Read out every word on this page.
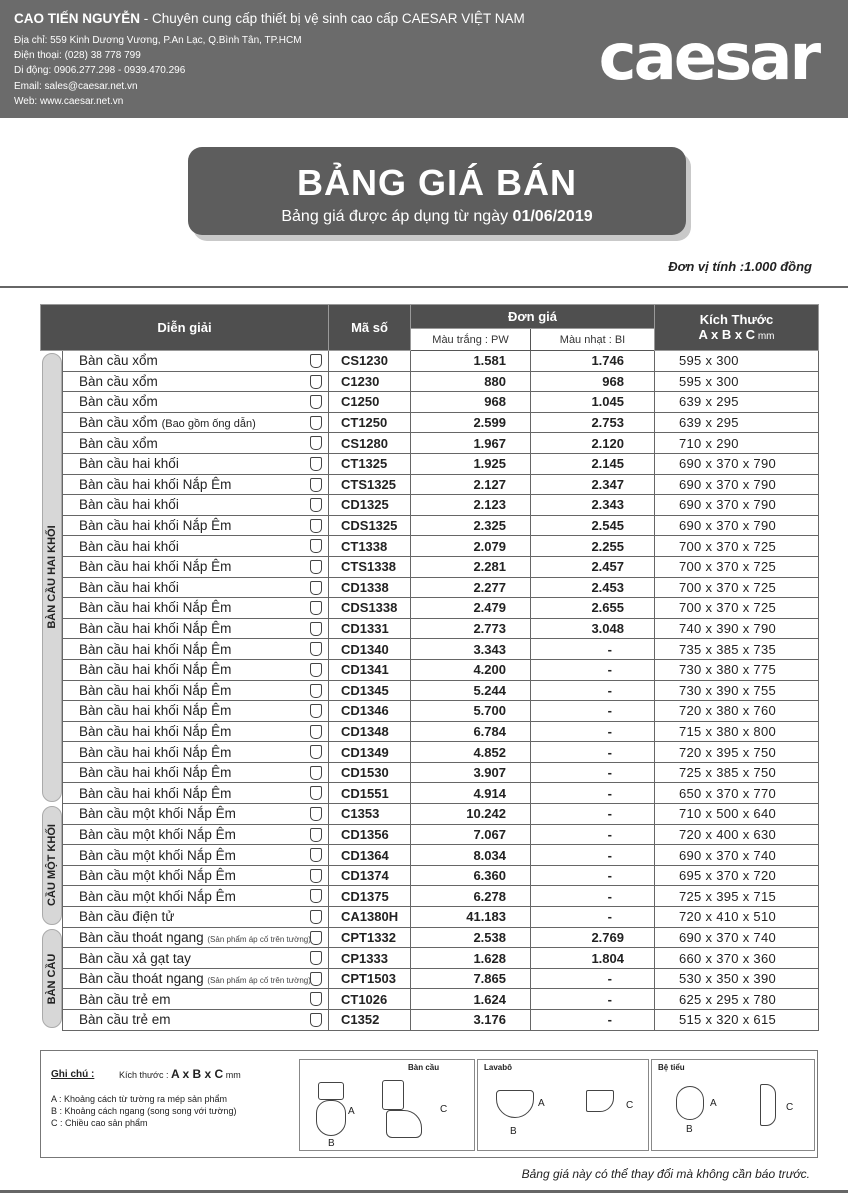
CAO TIẾN NGUYỄN - Chuyên cung cấp thiết bị vệ sinh cao cấp CAESAR VIỆT NAM
Địa chỉ: 559 Kinh Dương Vương, P.An Lạc, Q.Bình Tân, TP.HCM
Điện thoại: (028) 38 778 799
Di động: 0906.277.298 - 0939.470.296
Email: sales@caesar.net.vn
Web: www.caesar.net.vn
caesar
BẢNG GIÁ BÁN
Bảng giá được áp dụng từ ngày 01/06/2019
Đơn vị tính :1.000 đồng
Diễn giải		Mã số	Đơn giá		Kích Thước
A x B x C mm
			Màu trắng : PW	Màu nhạt : BI	

BÀN CẦU HAI KHỐI	Bàn cầu xổm	CS1230	1.581	1.746	595 x 300
	Bàn cầu xổm	C1230	880	968	595 x 300
	Bàn cầu xổm	C1250	968	1.045	639 x 295
	Bàn cầu xổm (Bao gồm ống dẫn)	CT1250	2.599	2.753	639 x 295
	Bàn cầu xổm	CS1280	1.967	2.120	710 x 290
	Bàn cầu hai khối	CT1325	1.925	2.145	690 x 370 x 790
	Bàn cầu hai khối Nắp Êm	CTS1325	2.127	2.347	690 x 370 x 790
	Bàn cầu hai khối	CD1325	2.123	2.343	690 x 370 x 790
	Bàn cầu hai khối Nắp Êm	CDS1325	2.325	2.545	690 x 370 x 790
	Bàn cầu hai khối	CT1338	2.079	2.255	700 x 370 x 725
	Bàn cầu hai khối Nắp Êm	CTS1338	2.281	2.457	700 x 370 x 725
	Bàn cầu hai khối	CD1338	2.277	2.453	700 x 370 x 725
	Bàn cầu hai khối Nắp Êm	CDS1338	2.479	2.655	700 x 370 x 725
	Bàn cầu hai khối Nắp Êm	CD1331	2.773	3.048	740 x 390 x 790
	Bàn cầu hai khối Nắp Êm	CD1340	3.343	-	735 x 385 x 735
	Bàn cầu hai khối Nắp Êm	CD1341	4.200	-	730 x 380 x 775
	Bàn cầu hai khối Nắp Êm	CD1345	5.244	-	730 x 390 x 755
	Bàn cầu hai khối Nắp Êm	CD1346	5.700	-	720 x 380 x 760
	Bàn cầu hai khối Nắp Êm	CD1348	6.784	-	715 x 380 x 800
	Bàn cầu hai khối Nắp Êm	CD1349	4.852	-	720 x 395 x 750
	Bàn cầu hai khối Nắp Êm	CD1530	3.907	-	725 x 385 x 750
	Bàn cầu hai khối Nắp Êm	CD1551	4.914	-	650 x 370 x 770

CẦU MỘT KHỐI	Bàn cầu một khối Nắp Êm	C1353	10.242	-	710 x 500 x 640
	Bàn cầu một khối Nắp Êm	CD1356	7.067	-	720 x 400 x 630
	Bàn cầu một khối Nắp Êm	CD1364	8.034	-	690 x 370 x 740
	Bàn cầu một khối Nắp Êm	CD1374	6.360	-	695 x 370 x 720
	Bàn cầu một khối Nắp Êm	CD1375	6.278	-	725 x 395 x 715
	Bàn cầu điện tử	CA1380H	41.183	-	720 x 410 x 510

BÀN CẦU	Bàn cầu thoát ngang (Sản phẩm áp cố trên tường)	CPT1332	2.538	2.769	690 x 370 x 740
	Bàn cầu xả gạt tay	CP1333	1.628	1.804	660 x 370 x 360
	Bàn cầu thoát ngang (Sản phẩm áp cố trên tường)	CPT1503	7.865	-	530 x 350 x 390
	Bàn cầu trẻ em	CT1026	1.624	-	625 x 295 x 780
	Bàn cầu trẻ em	C1352	3.176	-	515 x 320 x 615
Ghi chú :	Kích thước : A x B x C mm
A : Khoảng cách từ tường ra mép sản phẩm
B : Khoảng cách ngang (song song với tường)
C : Chiều cao sản phẩm
Bàn cầu
A
B
C
Lavabô
A
B
C
Bệ tiểu
A
B
C
Bảng giá này có thể thay đổi mà không cần báo trước.
